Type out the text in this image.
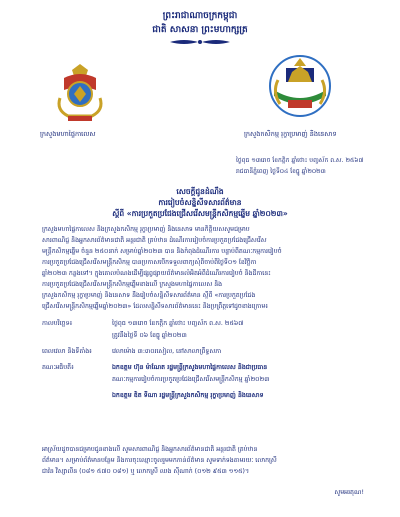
ព្រះរាជាណាចក្រកម្ពុជា
ជាតិ សាសនា ព្រះមហាក្សត្រ
ក្រសួងមហាផ្ទៃកាលេស	ក្រសួងកសិកម្ម រុក្ខាប្រមាញ់ និងនេសាទ
ថ្ងៃពុធ ១៣រោច ខែកត្តិក ឆ្នាំថោះ បញ្ចស័ក ព.ស. ២៥៦៧
រាជធានីភ្នំពេញ ថ្ងៃទី០៤ ខែធ្នូ ឆ្នាំ២០២៣
សេចក្តីជូនដំណឹង
ការរៀបចំសន្និសីទសារព័ត៌មាន
ស្តីពី «ការប្រកួតប្រជែងជ្រើសរើសមន្ត្រីកសិកម្មឆ្នើម ឆ្នាំ២០២៣»
ក្រសួងមហាផ្ទៃកាលេស និងក្រសួងកសិកម្ម រុក្ខាប្រមាញ់ និងនេសាទ មានកិត្តិយសសូមជម្រាប
សារពាណិជ្ជ និងអ្នកសារព័ត៌មានជាតិ អន្តរជាតិ គ្រប់ឋាន ដំណើរការរៀបចំការប្រកួតប្រជែងជ្រើសរើស
មន្ត្រីកសិកម្មឆ្នើម ចំនួន ២៥០នាក់ សម្រាប់ឆ្នាំ២០២៣ បាន និងកំពុងដំណើរការ បន្ទាប់ពីគណៈកម្មការរៀបចំ
ការប្រកួតប្រជែងជ្រើសរើសមន្ត្រីកសិកម្ម បានប្រកាសបើកទទួលពាក្យសុំពីចាប់ពីថ្ងៃទី០១ ខែវិច្ឆិកា
ឆ្នាំ២០២៣ កន្លងទៅ។ ក្នុងគោលបំណងដើម្បីផ្សព្វផ្សាយព័ត៌មានលំអិតអំពីដំណើរការរៀបចំ និងដីកានេះ
ការប្រកួតប្រជែងជ្រើសរើសមន្ត្រីកសិកម្មឆ្នើមខាងលើ ក្រសួងមហាផ្ទៃកាលេស និង
ក្រសួងកសិកម្ម រុក្ខាប្រមាញ់ និងនេសាទ នឹងរៀបចំសន្និសីទសារព័ត៌មាន ស្តីពី «ការប្រកួតប្រជែង
ជ្រើសរើសមន្ត្រីកសិកម្មឆ្នើមឆ្នាំ២០២៣» ដែលសន្និសីទសារព័ត៌មាននេះ និងប្រព្រឹត្តទៅដូចខាងក្រោម៖
កាលបរិច្ឆេទ៖	ថ្ងៃពុធ ១៣រោច ខែកត្តិក ឆ្នាំថោះ បញ្ចស័ក ព.ស. ២៥៦៧
ត្រូវនឹងថ្ងៃទី ០៦ ខែធ្នូ ឆ្នាំ២០២៣
ពេលវេលា និងទីតាំង៖	វេលាម៉ោង ៣:៣០រសៀល, នៅសាលាព្រឹទ្ធសភា
គណៈអធិបតី៖	ឯកឧត្តម ហ៊ុន ម៉ាណែត រដ្ឋមន្ត្រីក្រសួងមហាផ្ទៃកាលេស និងជាប្រធាន
គណៈកម្មការរៀបចំការប្រកួតប្រជែងជ្រើសរើសមន្ត្រីកសិកម្ម ឆ្នាំ២០២៣
ឯកឧត្តម ឌិត ទីណា រដ្ឋមន្ត្រីក្រសួងកសិកម្ម រុក្ខាប្រមាញ់ និងនេសាទ
អាស្រ័យដូចបានជម្រាបជូនខាងលើ សូមសារពាណិជ្ជ និងអ្នកសារព័ត៌មានជាតិ អន្តរជាតិ គ្រប់ឋាន
ព័ត៌មាន។ សម្រាប់ព័ត៌មានបន្ថែម និងការចុះឈ្មោះចូលរួមមកកាន់ព័ត៌មាន សូមទាក់ទងតាមរយៈ លោកស្រី
ជាវ៉ន វិស្សាលីន (០៨១ ៥៧០ ០៨១) ឬ លោកស្រី ឈង ស៊ីណាក់ (០១២ ៩៥៣ ១១៥)។
សូមអរគុណ!
